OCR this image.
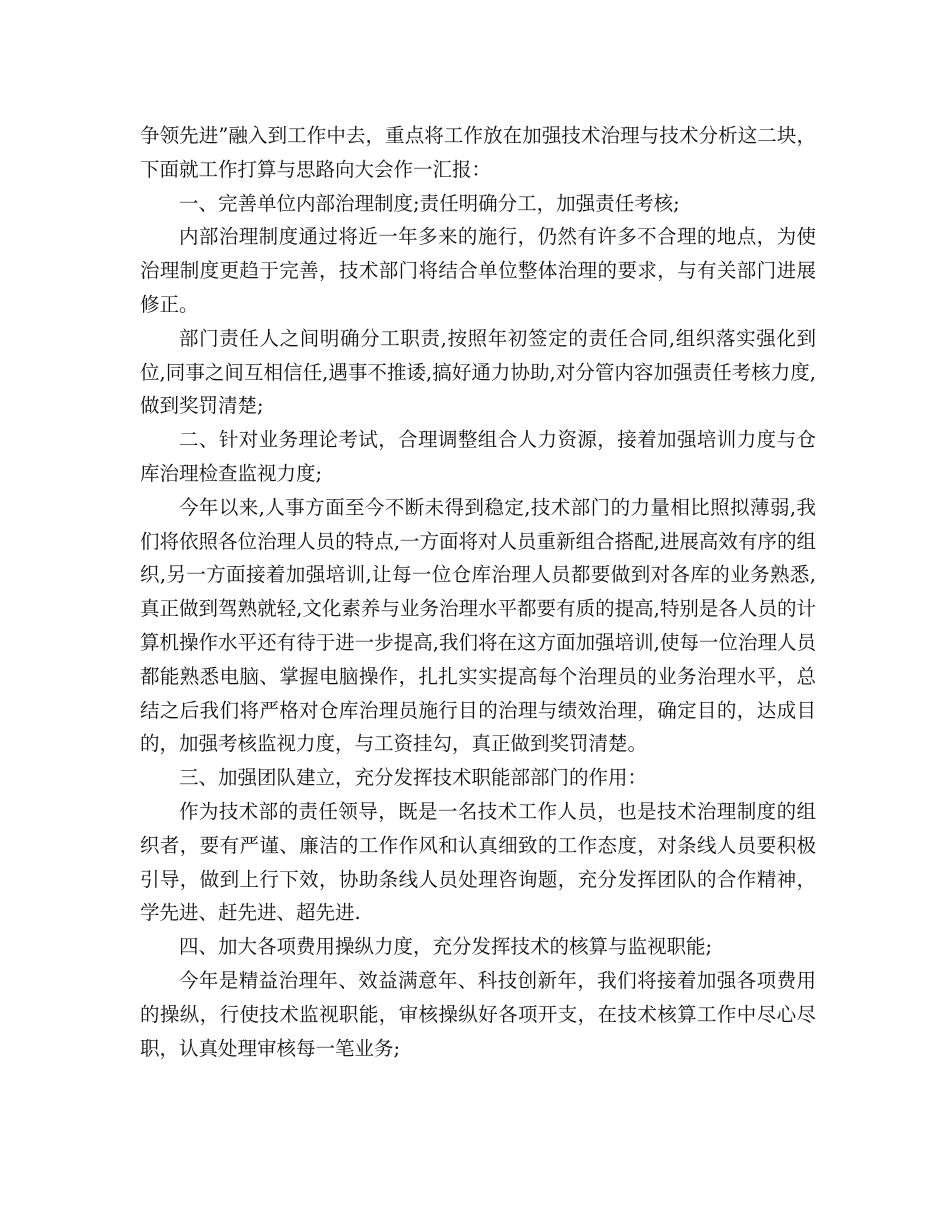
争领先进”融入到工作中去，重点将工作放在加强技术治理与技术分析这二块，下面就工作打算与思路向大会作一汇报：

一、完善单位内部治理制度;责任明确分工，加强责任考核;

内部治理制度通过将近一年多来的施行，仍然有许多不合理的地点，为使治理制度更趋于完善，技术部门将结合单位整体治理的要求，与有关部门进展修正。

部门责任人之间明确分工职责,按照年初签定的责任合同,组织落实强化到位,同事之间互相信任,遇事不推诿,搞好通力协助,对分管内容加强责任考核力度,做到奖罚清楚;

二、针对业务理论考试，合理调整组合人力资源，接着加强培训力度与仓库治理检查监视力度;

今年以来,人事方面至今不断未得到稳定,技术部门的力量相比照拟薄弱,我们将依照各位治理人员的特点,一方面将对人员重新组合搭配,进展高效有序的组织,另一方面接着加强培训,让每一位仓库治理人员都要做到对各库的业务熟悉,真正做到驾熟就轻,文化素养与业务治理水平都要有质的提高,特别是各人员的计算机操作水平还有待于进一步提高,我们将在这方面加强培训,使每一位治理人员都能熟悉电脑、掌握电脑操作，扎扎实实提高每个治理员的业务治理水平，总结之后我们将严格对仓库治理员施行目的治理与绩效治理，确定目的，达成目的，加强考核监视力度，与工资挂勾，真正做到奖罚清楚。

三、加强团队建立，充分发挥技术职能部部门的作用：

作为技术部的责任领导，既是一名技术工作人员，也是技术治理制度的组织者，要有严谨、廉洁的工作作风和认真细致的工作态度，对条线人员要积极引导，做到上行下效，协助条线人员处理咨询题，充分发挥团队的合作精神，学先进、赶先进、超先进.

四、加大各项费用操纵力度，充分发挥技术的核算与监视职能;

今年是精益治理年、效益满意年、科技创新年，我们将接着加强各项费用的操纵，行使技术监视职能，审核操纵好各项开支，在技术核算工作中尽心尽职，认真处理审核每一笔业务;
